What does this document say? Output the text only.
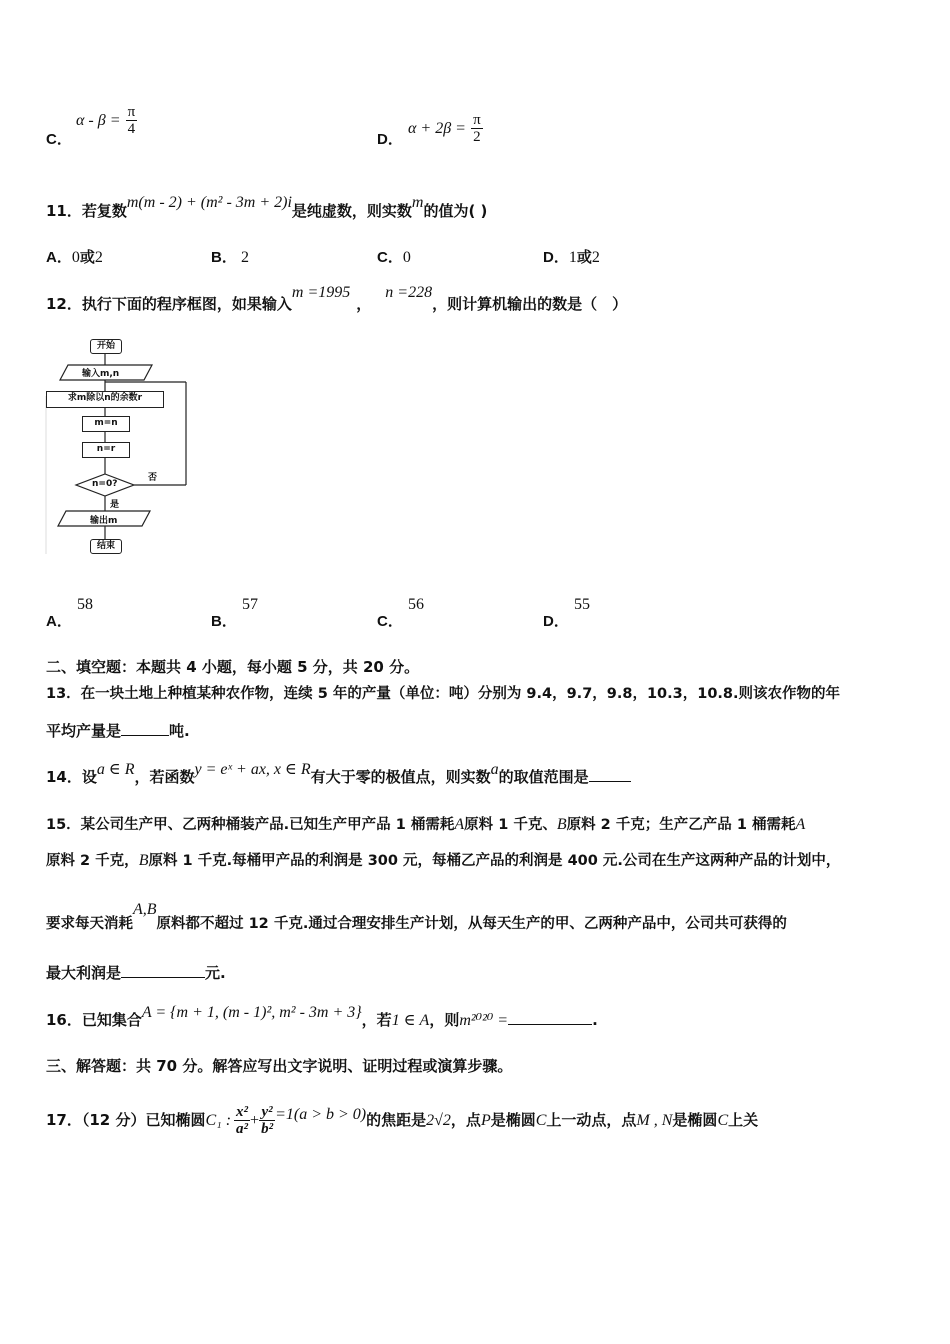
C．
$\alpha - \beta = \frac{\pi}{4}$
D．
$\alpha + 2\beta = \frac{\pi}{2}$
11．若复数m(m - 2) + (m² - 3m + 2)i是纯虚数，则实数m的值为( )
A．0或2	B． 2	C．0	D．1或2
12．执行下面的程序框图，如果输入m =1995，n =228，则计算机输出的数是（　）
开始
输入m,n
求m除以n的余数r
m=n
n=r
n=0?
否
是
输出m
结束
A．
58
B．
57
C．
56
D．
55
二、填空题：本题共 4 小题，每小题 5 分，共 20 分。
13．在一块土地上种植某种农作物，连续 5 年的产量（单位：吨）分别为 9.4，9.7，9.8，10.3，10.8.则该农作物的年
平均产量是	吨.
14．设a ∈ R，若函数y = eˣ + ax, x ∈ R有大于零的极值点，则实数a的取值范围是
15．某公司生产甲、乙两种桶装产品.已知生产甲产品 1 桶需耗A原料 1 千克、B原料 2 千克；生产乙产品 1 桶需耗A
原料 2 千克，B原料 1 千克.每桶甲产品的利润是 300 元，每桶乙产品的利润是 400 元.公司在生产这两种产品的计划中，
要求每天消耗A,B原料都不超过 12 千克.通过合理安排生产计划，从每天生产的甲、乙两种产品中，公司共可获得的
最大利润是	元.
16．已知集合A = {m + 1, (m - 1)², m² - 3m + 3}，若1 ∈ A，则m²⁰²⁰ =	.
三、解答题：共 70 分。解答应写出文字说明、证明过程或演算步骤。
17．（12 分）已知椭圆C₁ : $\frac{\text{x²}}{\text{a²}} + \frac{\text{y²}}{\text{b²}} =1(a > b > 0)$的焦距是2√2，点P是椭圆C上一动点，点M , N是椭圆C上关
